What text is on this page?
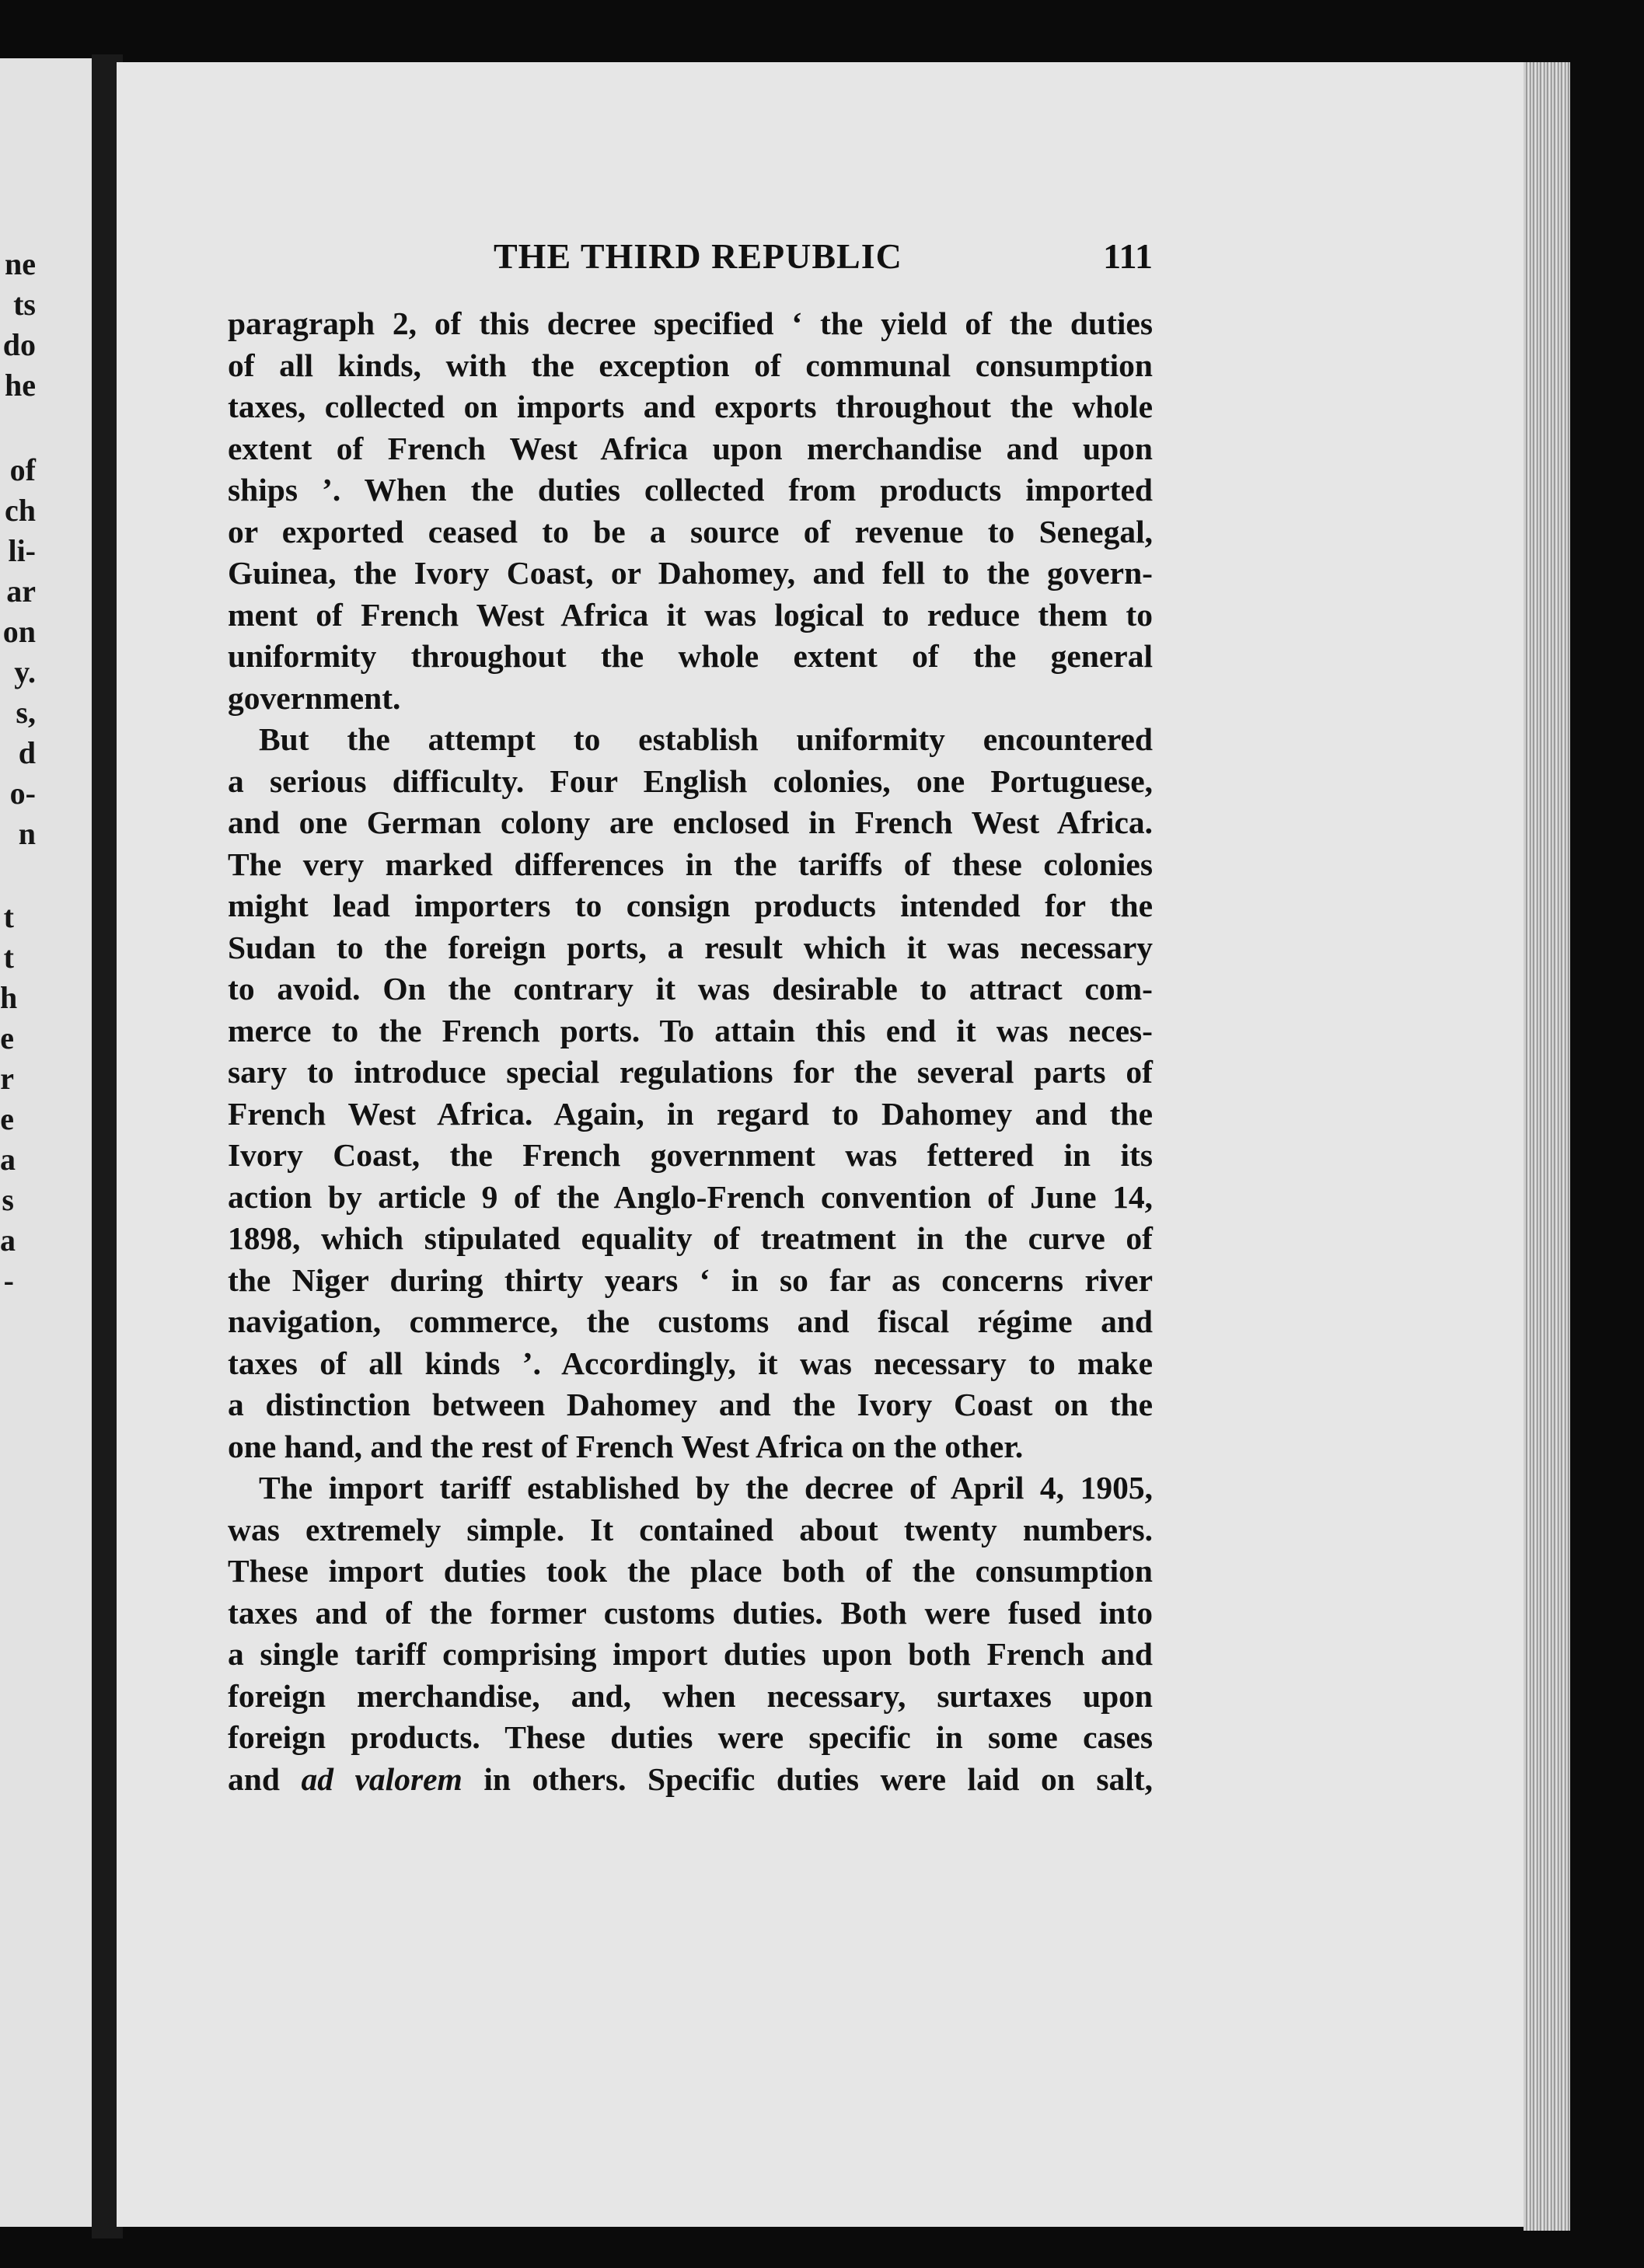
ne
ts
do
he
of
ch
li-
ar
on
y.
s,
d
o-
n
t
t
h
e
r
e
a
s
a
-
THE THIRD REPUBLIC	111
paragraph 2, of this decree specified ‘ the yield of the duties
of all kinds, with the exception of communal consumption
taxes, collected on imports and exports throughout the whole
extent of French West Africa upon merchandise and upon
ships ’. When the duties collected from products imported
or exported ceased to be a source of revenue to Senegal,
Guinea, the Ivory Coast, or Dahomey, and fell to the govern-
ment of French West Africa it was logical to reduce them to
uniformity throughout the whole extent of the general
government.
But the attempt to establish uniformity encountered
a serious difficulty. Four English colonies, one Portuguese,
and one German colony are enclosed in French West Africa.
The very marked differences in the tariffs of these colonies
might lead importers to consign products intended for the
Sudan to the foreign ports, a result which it was necessary
to avoid. On the contrary it was desirable to attract com-
merce to the French ports. To attain this end it was neces-
sary to introduce special regulations for the several parts of
French West Africa. Again, in regard to Dahomey and the
Ivory Coast, the French government was fettered in its
action by article 9 of the Anglo-French convention of June 14,
1898, which stipulated equality of treatment in the curve of
the Niger during thirty years ‘ in so far as concerns river
navigation, commerce, the customs and fiscal régime and
taxes of all kinds ’. Accordingly, it was necessary to make
a distinction between Dahomey and the Ivory Coast on the
one hand, and the rest of French West Africa on the other.
The import tariff established by the decree of April 4, 1905,
was extremely simple. It contained about twenty numbers.
These import duties took the place both of the consumption
taxes and of the former customs duties. Both were fused into
a single tariff comprising import duties upon both French and
foreign merchandise, and, when necessary, surtaxes upon
foreign products. These duties were specific in some cases
and ad valorem in others. Specific duties were laid on salt,
